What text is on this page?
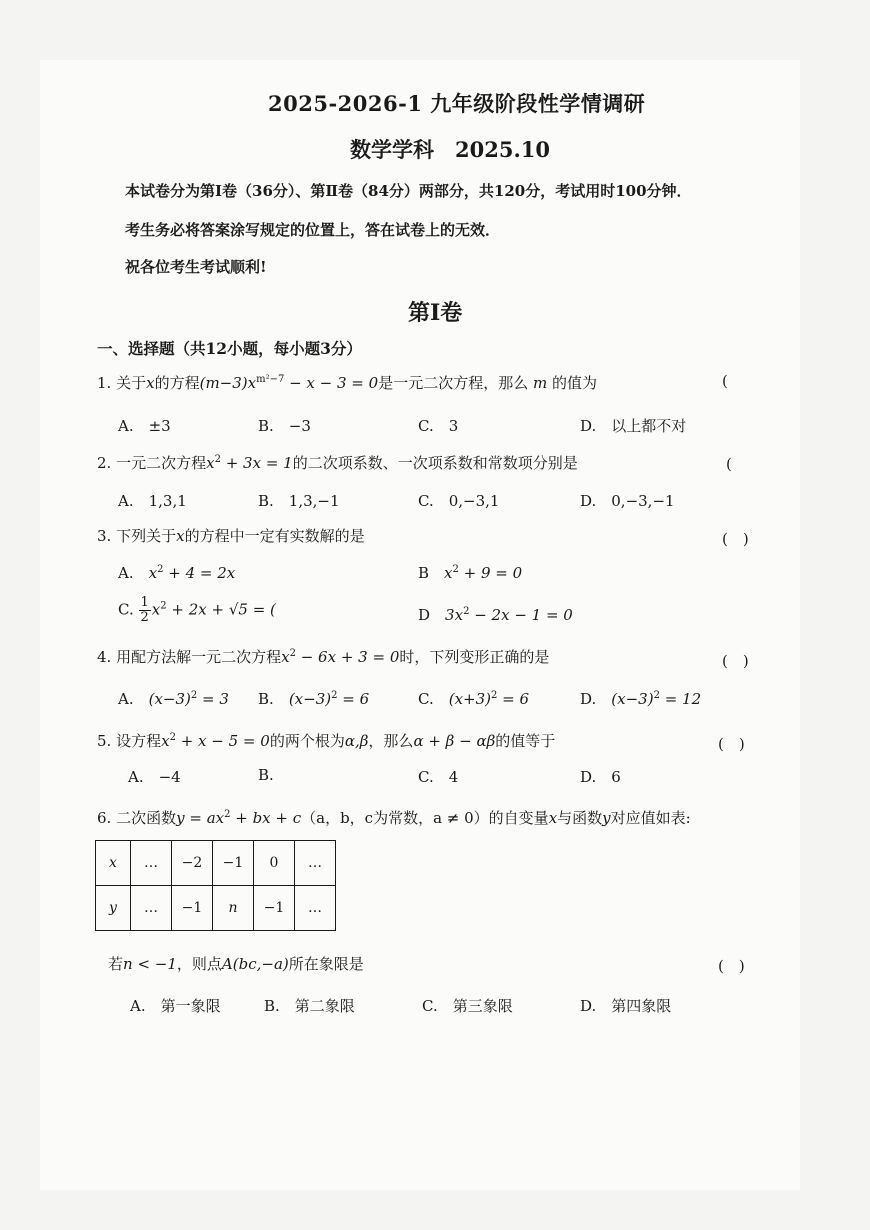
2025-2026-1 九年级阶段性学情调研
数学学科　2025.10
本试卷分为第Ⅰ卷（36分）、第Ⅱ卷（84分）两部分，共120分，考试用时100分钟．
考生务必将答案涂写规定的位置上，答在试卷上的无效．
祝各位考生考试顺利!
第Ⅰ卷
一、选择题（共12小题，每小题3分）
1. 关于x的方程$(m-3)x^{m^2-7} - x - 3 = 0$是一元二次方程，那么 m 的值为	(
A.　±3	B.　−3	C.　3	D.　以上都不对
2. 一元二次方程$x^2 + 3x = 1$的二次项系数、一次项系数和常数项分别是	(
A.　1,3,1	B.　1,3,−1	C.　0,−3,1	D.　0,−3,−1
3. 下列关于x的方程中一定有实数解的是	(　)
A.　 $x^2 + 4 = 2x$	B　 $x^2 + 9 = 0$
C. $\frac{1}{2} x^2 + 2x + √5$ = (	D　 $3x^2 - 2x - 1 = 0$
4. 用配方法解一元二次方程$x^2 - 6x + 3 = 0$时，下列变形正确的是	(　)
A.　 $(x-3)^2 = 3$ B.　 $(x-3)^2 = 6$	C.　 $(x+3)^2 = 6$	D.　 $(x-3)^2 = 12$
5. 设方程$x^2 + x - 5 = 0$的两个根为α,β，那么α + β − αβ的值等于	(　)
A.　−4	B.	C.　4	D.　6
6. 二次函数$y = ax^2$ + bx + c（a，b，c为常数，a ≠ 0）的自变量x与函数y对应值如表:
x	…	−2	−1	0	…
y	…	−1	n	−1	…
若n < −1，则点A(bc,−a)所在象限是	(　)
A.　第一象限	B.　第二象限	C.　第三象限	D.　第四象限
